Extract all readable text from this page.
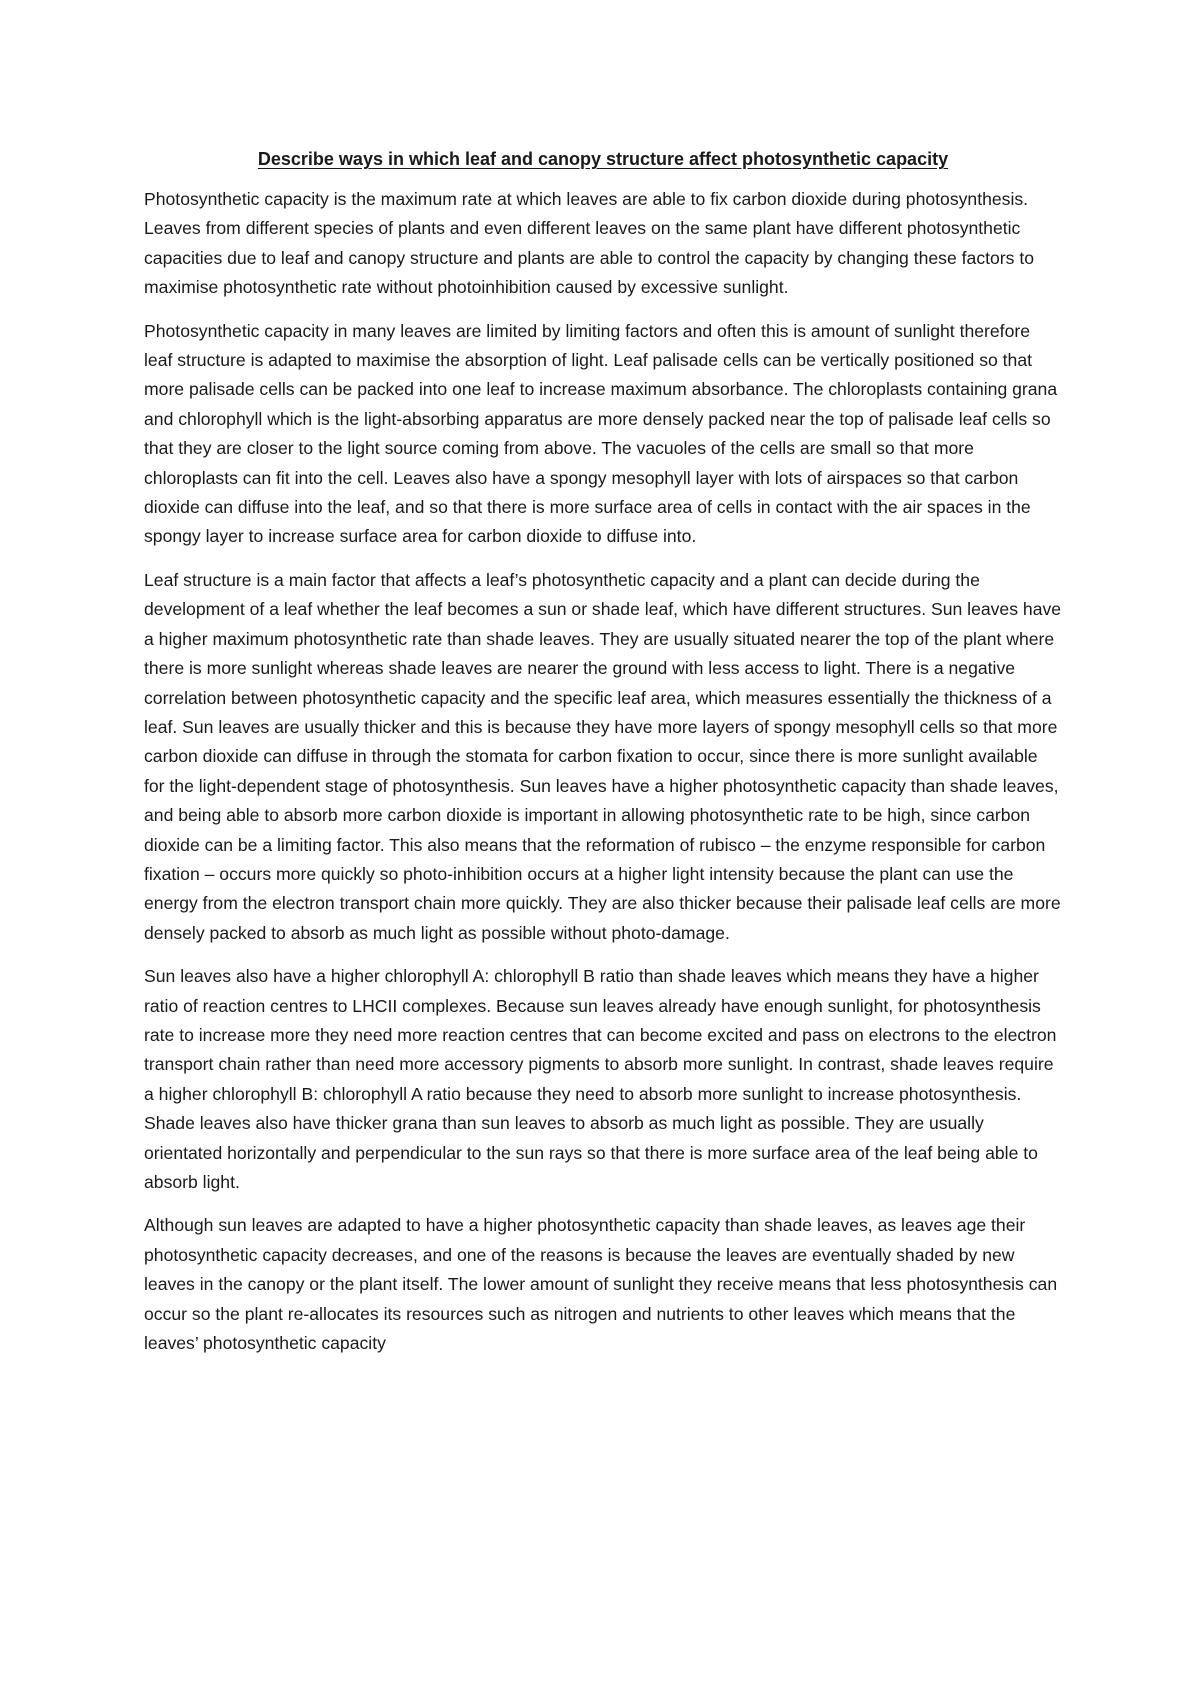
Describe ways in which leaf and canopy structure affect photosynthetic capacity

Photosynthetic capacity is the maximum rate at which leaves are able to fix carbon dioxide during photosynthesis. Leaves from different species of plants and even different leaves on the same plant have different photosynthetic capacities due to leaf and canopy structure and plants are able to control the capacity by changing these factors to maximise photosynthetic rate without photoinhibition caused by excessive sunlight.

Photosynthetic capacity in many leaves are limited by limiting factors and often this is amount of sunlight therefore leaf structure is adapted to maximise the absorption of light. Leaf palisade cells can be vertically positioned so that more palisade cells can be packed into one leaf to increase maximum absorbance. The chloroplasts containing grana and chlorophyll which is the light-absorbing apparatus are more densely packed near the top of palisade leaf cells so that they are closer to the light source coming from above. The vacuoles of the cells are small so that more chloroplasts can fit into the cell. Leaves also have a spongy mesophyll layer with lots of airspaces so that carbon dioxide can diffuse into the leaf, and so that there is more surface area of cells in contact with the air spaces in the spongy layer to increase surface area for carbon dioxide to diffuse into.

Leaf structure is a main factor that affects a leaf’s photosynthetic capacity and a plant can decide during the development of a leaf whether the leaf becomes a sun or shade leaf, which have different structures. Sun leaves have a higher maximum photosynthetic rate than shade leaves. They are usually situated nearer the top of the plant where there is more sunlight whereas shade leaves are nearer the ground with less access to light. There is a negative correlation between photosynthetic capacity and the specific leaf area, which measures essentially the thickness of a leaf. Sun leaves are usually thicker and this is because they have more layers of spongy mesophyll cells so that more carbon dioxide can diffuse in through the stomata for carbon fixation to occur, since there is more sunlight available for the light-dependent stage of photosynthesis. Sun leaves have a higher photosynthetic capacity than shade leaves, and being able to absorb more carbon dioxide is important in allowing photosynthetic rate to be high, since carbon dioxide can be a limiting factor. This also means that the reformation of rubisco – the enzyme responsible for carbon fixation – occurs more quickly so photo-inhibition occurs at a higher light intensity because the plant can use the energy from the electron transport chain more quickly. They are also thicker because their palisade leaf cells are more densely packed to absorb as much light as possible without photo-damage.

Sun leaves also have a higher chlorophyll A: chlorophyll B ratio than shade leaves which means they have a higher ratio of reaction centres to LHCII complexes. Because sun leaves already have enough sunlight, for photosynthesis rate to increase more they need more reaction centres that can become excited and pass on electrons to the electron transport chain rather than need more accessory pigments to absorb more sunlight. In contrast, shade leaves require a higher chlorophyll B: chlorophyll A ratio because they need to absorb more sunlight to increase photosynthesis. Shade leaves also have thicker grana than sun leaves to absorb as much light as possible. They are usually orientated horizontally and perpendicular to the sun rays so that there is more surface area of the leaf being able to absorb light.

Although sun leaves are adapted to have a higher photosynthetic capacity than shade leaves, as leaves age their photosynthetic capacity decreases, and one of the reasons is because the leaves are eventually shaded by new leaves in the canopy or the plant itself. The lower amount of sunlight they receive means that less photosynthesis can occur so the plant re-allocates its resources such as nitrogen and nutrients to other leaves which means that the leaves’ photosynthetic capacity
